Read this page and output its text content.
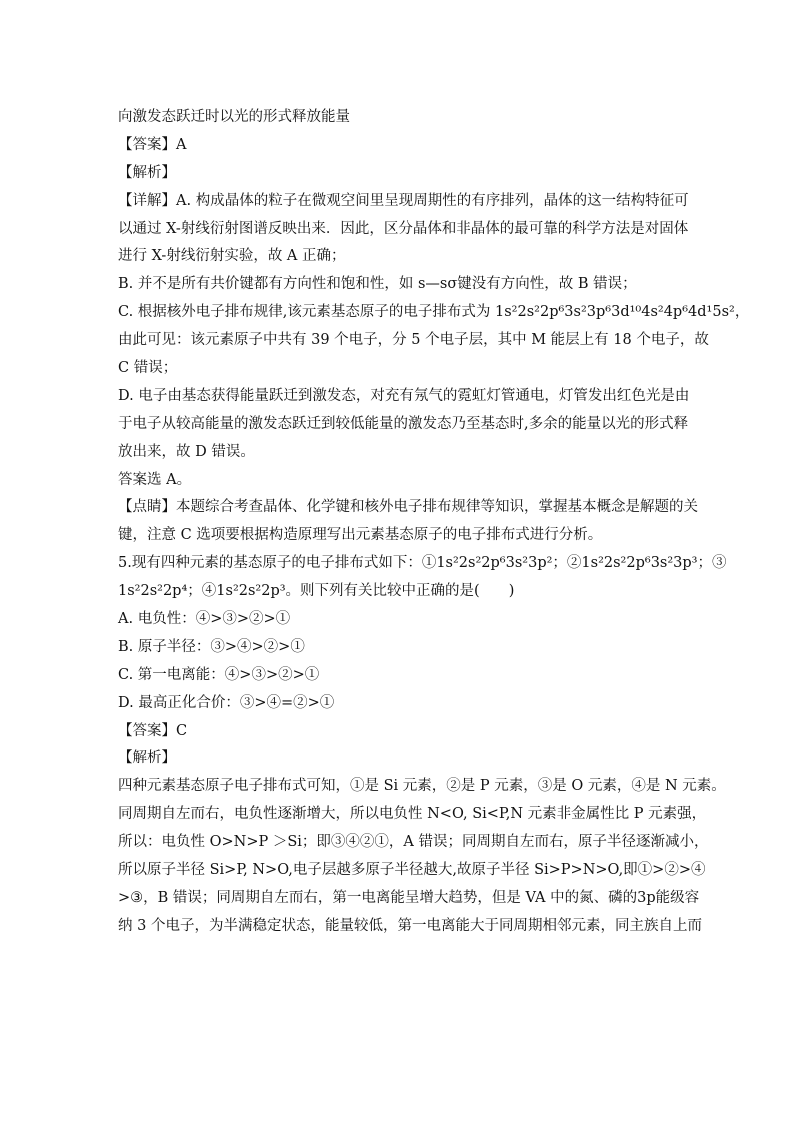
向激发态跃迁时以光的形式释放能量
【答案】A
【解析】
【详解】A. 构成晶体的粒子在微观空间里呈现周期性的有序排列，晶体的这一结构特征可
以通过 X-射线衍射图谱反映出来．因此，区分晶体和非晶体的最可靠的科学方法是对固体
进行 X-射线衍射实验，故 A 正确；
B. 并不是所有共价键都有方向性和饱和性，如 s—sσ键没有方向性，故 B 错误；
C. 根据核外电子排布规律,该元素基态原子的电子排布式为 1s²2s²2p⁶3s²3p⁶3d¹⁰4s²4p⁶4d¹5s²，
由此可见：该元素原子中共有 39 个电子，分 5 个电子层，其中 M 能层上有 18 个电子，故
C 错误；
D. 电子由基态获得能量跃迁到激发态，对充有氖气的霓虹灯管通电，灯管发出红色光是由
于电子从较高能量的激发态跃迁到较低能量的激发态乃至基态时,多余的能量以光的形式释
放出来，故 D 错误。
答案选 A。
【点睛】本题综合考查晶体、化学键和核外电子排布规律等知识，掌握基本概念是解题的关
键，注意 C 选项要根据构造原理写出元素基态原子的电子排布式进行分析。
5.现有四种元素的基态原子的电子排布式如下：①1s²2s²2p⁶3s²3p²；②1s²2s²2p⁶3s²3p³；③
1s²2s²2p⁴；④1s²2s²2p³。则下列有关比较中正确的是(　　)
A. 电负性：④>③>②>①
B. 原子半径：③>④>②>①
C. 第一电离能：④>③>②>①
D. 最高正化合价：③>④=②>①
【答案】C
【解析】
四种元素基态原子电子排布式可知，①是 Si 元素，②是 P 元素，③是 O 元素，④是 N 元素。
同周期自左而右，电负性逐渐增大，所以电负性 N<O, Si<P,N 元素非金属性比 P 元素强，
所以：电负性 O>N>P ＞Si；即③④②①，A 错误；同周期自左而右，原子半径逐渐减小，
所以原子半径 Si>P, N>O,电子层越多原子半径越大,故原子半径 Si>P>N>O,即①>②>④
>③，B 错误；同周期自左而右，第一电离能呈增大趋势，但是 VA 中的氮、磷的3p能级容
纳 3 个电子，为半满稳定状态，能量较低，第一电离能大于同周期相邻元素，同主族自上而
